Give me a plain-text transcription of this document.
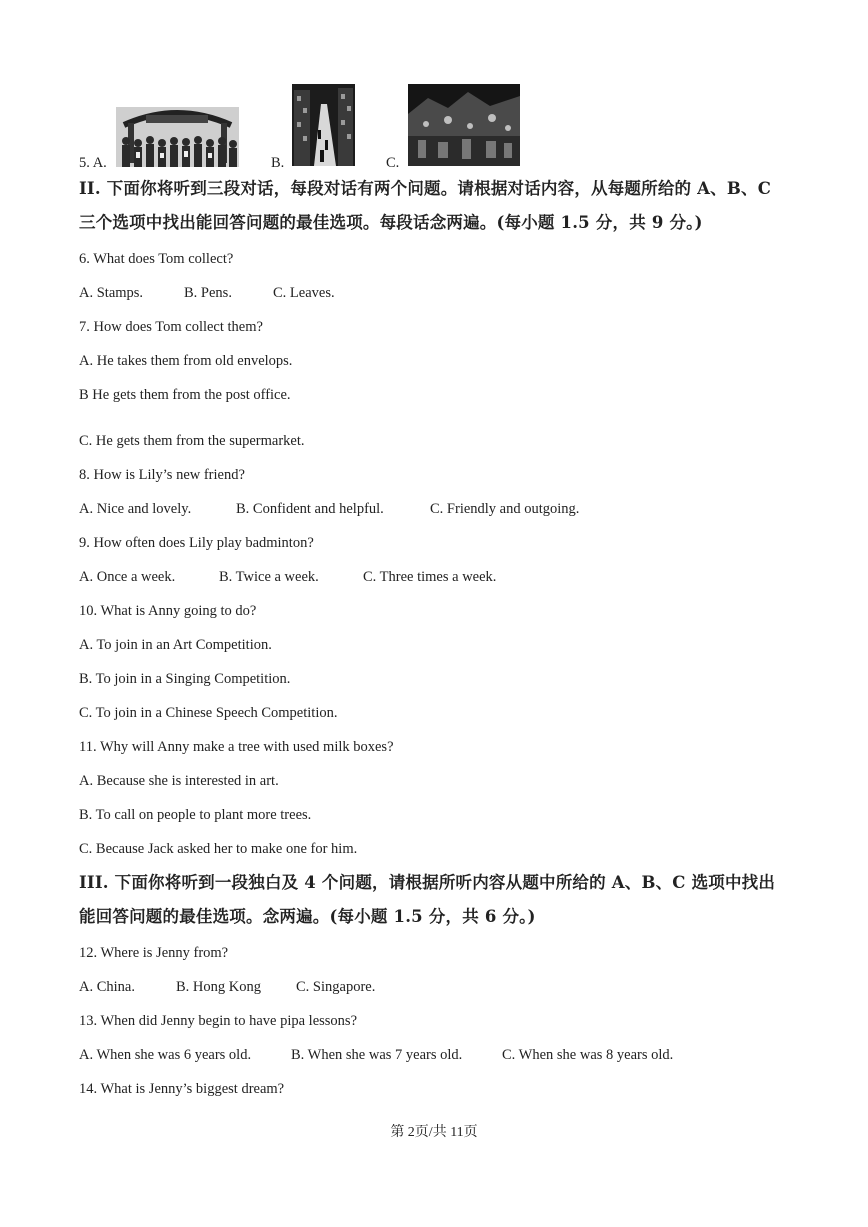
5. A.	B.	C.
II. 下面你将听到三段对话，每段对话有两个问题。请根据对话内容，从每题所给的 A、B、C
三个选项中找出能回答问题的最佳选项。每段话念两遍。(每小题 1.5 分，共 9 分。)
6. What does Tom collect?
A. Stamps.	B. Pens.	C. Leaves.
7. How does Tom collect them?
A. He takes them from old envelops.
B He gets them from the post office.
C. He gets them from the supermarket.
8. How is Lily’s new friend?
A. Nice and lovely.	B. Confident and helpful.	C. Friendly and outgoing.
9. How often does Lily play badminton?
A. Once a week.	B. Twice a week.	C. Three times a week.
10. What is Anny going to do?
A. To join in an Art Competition.
B. To join in a Singing Competition.
C. To join in a Chinese Speech Competition.
11. Why will Anny make a tree with used milk boxes?
A. Because she is interested in art.
B. To call on people to plant more trees.
C. Because Jack asked her to make one for him.
III. 下面你将听到一段独白及 4 个问题，请根据所听内容从题中所给的 A、B、C 选项中找出
能回答问题的最佳选项。念两遍。(每小题 1.5 分，共 6 分。)
12. Where is Jenny from?
A. China.	B. Hong Kong C. Singapore.
13. When did Jenny begin to have pipa lessons?
A. When she was 6 years old.	B. When she was 7 years old.	C. When she was 8 years old.
14. What is Jenny’s biggest dream?
第 2页/共 11页
